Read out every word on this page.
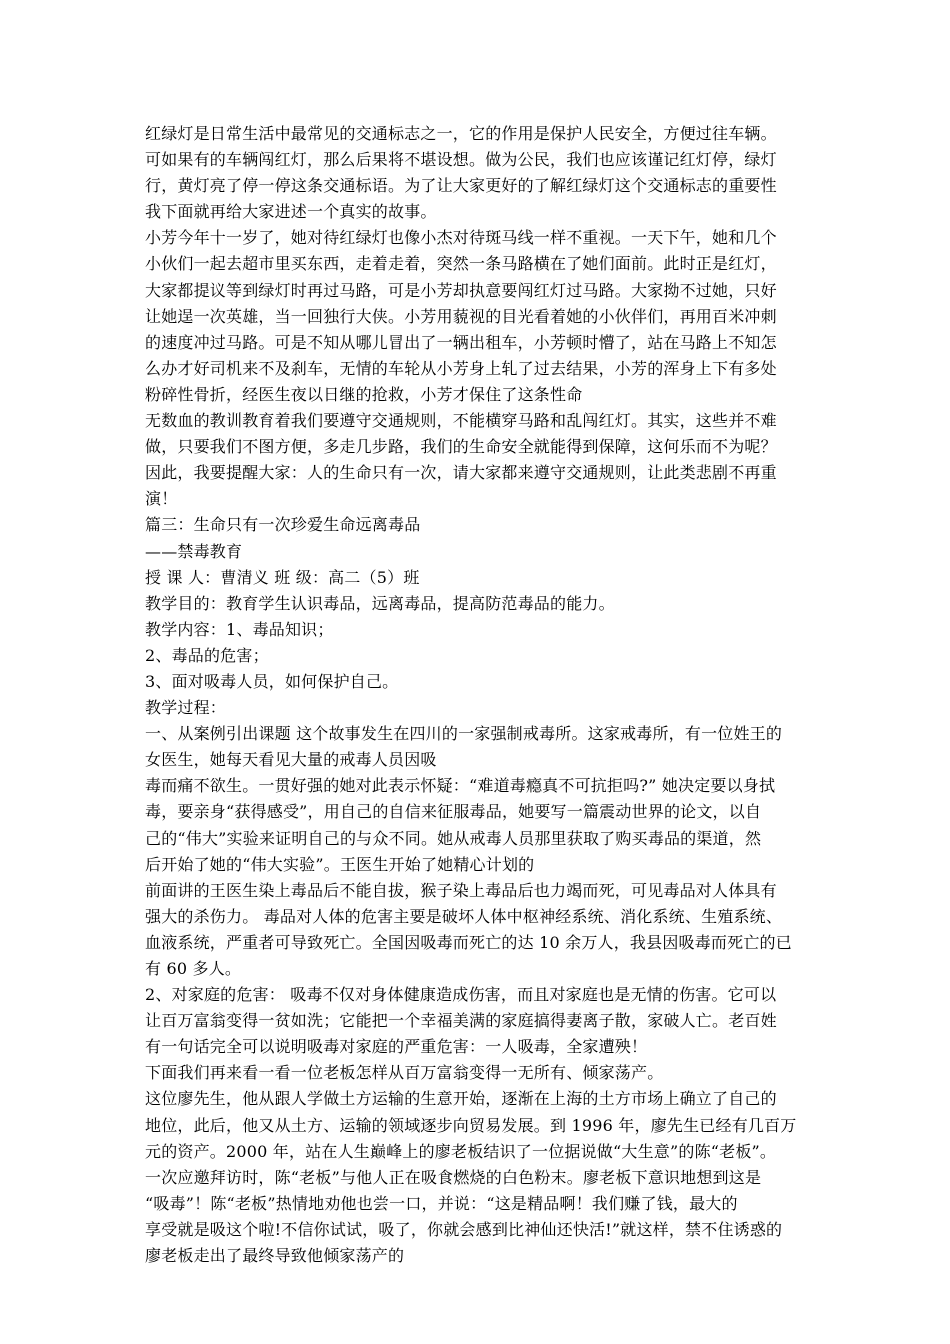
红绿灯是日常生活中最常见的交通标志之一，它的作用是保护人民安全，方便过往车辆。
可如果有的车辆闯红灯，那么后果将不堪设想。做为公民，我们也应该谨记红灯停，绿灯
行，黄灯亮了停一停这条交通标语。为了让大家更好的了解红绿灯这个交通标志的重要性
我下面就再给大家进述一个真实的故事。
小芳今年十一岁了，她对待红绿灯也像小杰对待斑马线一样不重视。一天下午，她和几个
小伙们一起去超市里买东西，走着走着，突然一条马路横在了她们面前。此时正是红灯，
大家都提议等到绿灯时再过马路，可是小芳却执意要闯红灯过马路。大家拗不过她，只好
让她逞一次英雄，当一回独行大侠。小芳用藐视的目光看着她的小伙伴们，再用百米冲刺
的速度冲过马路。可是不知从哪儿冒出了一辆出租车，小芳顿时懵了，站在马路上不知怎
么办才好司机来不及刹车，无情的车轮从小芳身上轧了过去结果，小芳的浑身上下有多处
粉碎性骨折，经医生夜以日继的抢救，小芳才保住了这条性命
无数血的教训教育着我们要遵守交通规则，不能横穿马路和乱闯红灯。其实，这些并不难
做，只要我们不图方便，多走几步路，我们的生命安全就能得到保障，这何乐而不为呢？
因此，我要提醒大家：人的生命只有一次，请大家都来遵守交通规则，让此类悲剧不再重
演！
篇三：生命只有一次珍爱生命远离毒品
——禁毒教育
授 课 人：曹清义 班 级：高二（5）班
教学目的：教育学生认识毒品，远离毒品，提高防范毒品的能力。
教学内容：1、毒品知识；
2、毒品的危害；
3、面对吸毒人员，如何保护自己。
教学过程：
一、从案例引出课题 这个故事发生在四川的一家强制戒毒所。这家戒毒所，有一位姓王的
女医生，她每天看见大量的戒毒人员因吸
毒而痛不欲生。一贯好强的她对此表示怀疑：“难道毒瘾真不可抗拒吗?” 她决定要以身拭
毒，要亲身“获得感受”，用自己的自信来征服毒品，她要写一篇震动世界的论文，以自
己的“伟大”实验来证明自己的与众不同。她从戒毒人员那里获取了购买毒品的渠道，然
后开始了她的“伟大实验”。王医生开始了她精心计划的
前面讲的王医生染上毒品后不能自拔，猴子染上毒品后也力竭而死，可见毒品对人体具有
强大的杀伤力。 毒品对人体的危害主要是破坏人体中枢神经系统、消化系统、生殖系统、
血液系统，严重者可导致死亡。全国因吸毒而死亡的达 10 余万人，我县因吸毒而死亡的已
有 60 多人。
2、对家庭的危害： 吸毒不仅对身体健康造成伤害，而且对家庭也是无情的伤害。它可以
让百万富翁变得一贫如洗；它能把一个幸福美满的家庭搞得妻离子散，家破人亡。老百姓
有一句话完全可以说明吸毒对家庭的严重危害：一人吸毒，全家遭殃！
下面我们再来看一看一位老板怎样从百万富翁变得一无所有、倾家荡产。
这位廖先生，他从跟人学做土方运输的生意开始，逐渐在上海的土方市场上确立了自己的
地位，此后，他又从土方、运输的领域逐步向贸易发展。到 1996 年，廖先生已经有几百万
元的资产。2000 年，站在人生巅峰上的廖老板结识了一位据说做“大生意”的陈“老板”。
一次应邀拜访时，陈“老板”与他人正在吸食燃烧的白色粉末。廖老板下意识地想到这是
“吸毒”！陈“老板”热情地劝他也尝一口，并说：“这是精品啊！我们赚了钱，最大的
享受就是吸这个啦!不信你试试，吸了，你就会感到比神仙还快活!”就这样，禁不住诱惑的
廖老板走出了最终导致他倾家荡产的
